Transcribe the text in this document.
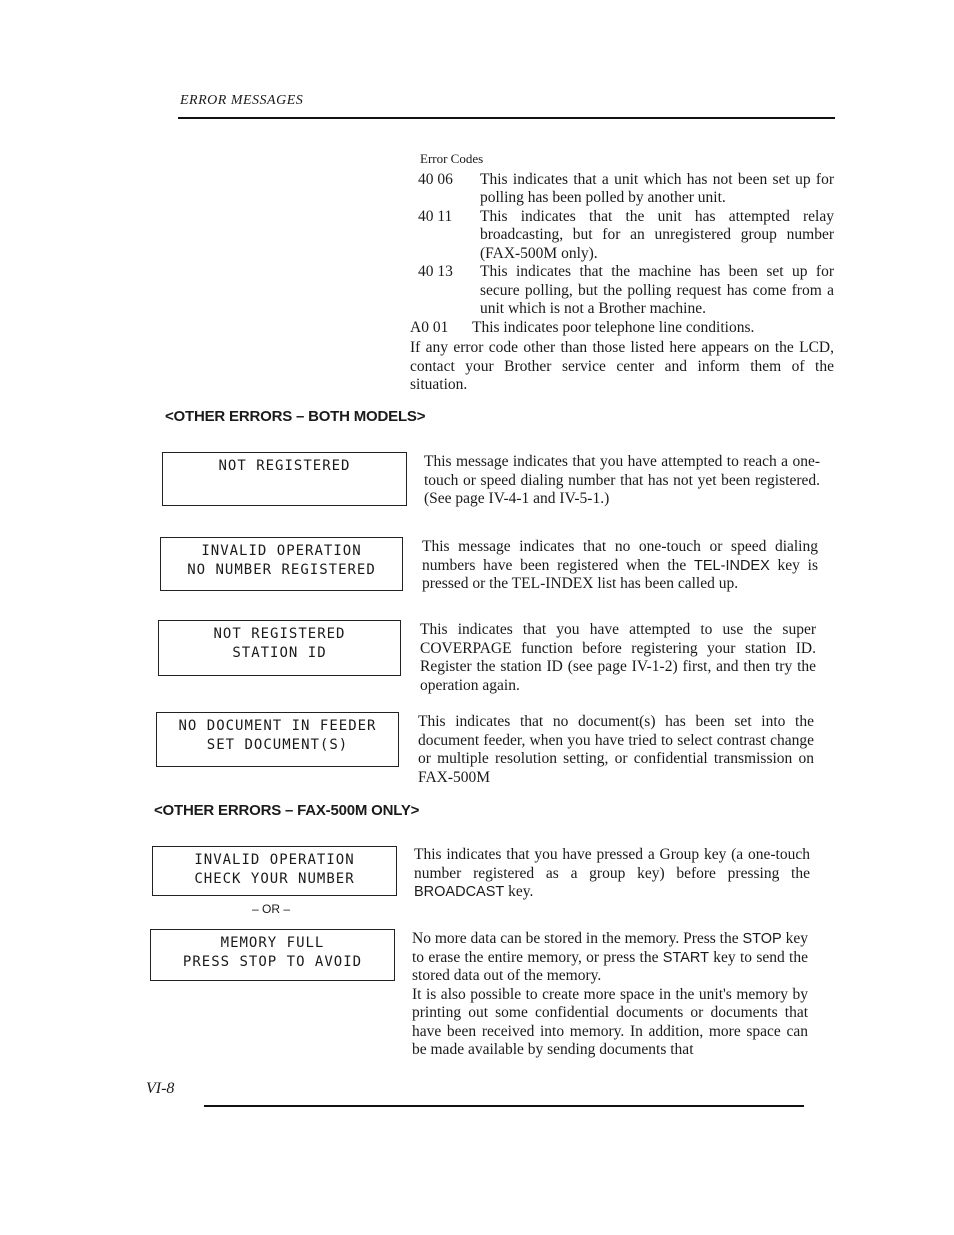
ERROR MESSAGES
Error Codes
40 06	This indicates that a unit which has not been set up for polling has been polled by another unit.
40 11	This indicates that the unit has attempted relay broadcasting, but for an unregistered group number (FAX-500M only).
40 13	This indicates that the machine has been set up for secure polling, but the polling request has come from a unit which is not a Brother machine.
A0 01	This indicates poor telephone line conditions.
If any error code other than those listed here appears on the LCD, contact your Brother service center and inform them of the situation.
<OTHER ERRORS – BOTH MODELS>
NOT REGISTERED	This message indicates that you have attempted to reach a one-touch or speed dialing number that has not yet been registered. (See page IV-4-1 and IV-5-1.)
INVALID OPERATION
NO NUMBER REGISTERED
This message indicates that no one-touch or speed dialing numbers have been registered when the TEL-INDEX key is pressed or the TEL-INDEX list has been called up.
NOT REGISTERED
STATION ID
This indicates that you have attempted to use the super COVERPAGE function before registering your station ID. Register the station ID (see page IV-1-2) first, and then try the operation again.
NO DOCUMENT IN FEEDER
SET DOCUMENT(S)
This indicates that no document(s) has been set into the document feeder, when you have tried to select contrast change or multiple resolution setting, or confidential transmission on FAX-500M
<OTHER ERRORS – FAX-500M ONLY>
INVALID OPERATION
CHECK YOUR NUMBER
This indicates that you have pressed a Group key (a one-touch number registered as a group key) before pressing the BROADCAST key.
– OR –
MEMORY FULL
PRESS STOP TO AVOID

No more data can be stored in the memory. Press the STOP key to erase the entire memory, or press the START key to send the stored data out of the memory.

It is also possible to create more space in the unit's memory by printing out some confidential documents or documents that have been received into memory. In addition, more space can be made available by sending documents that

VI-8
